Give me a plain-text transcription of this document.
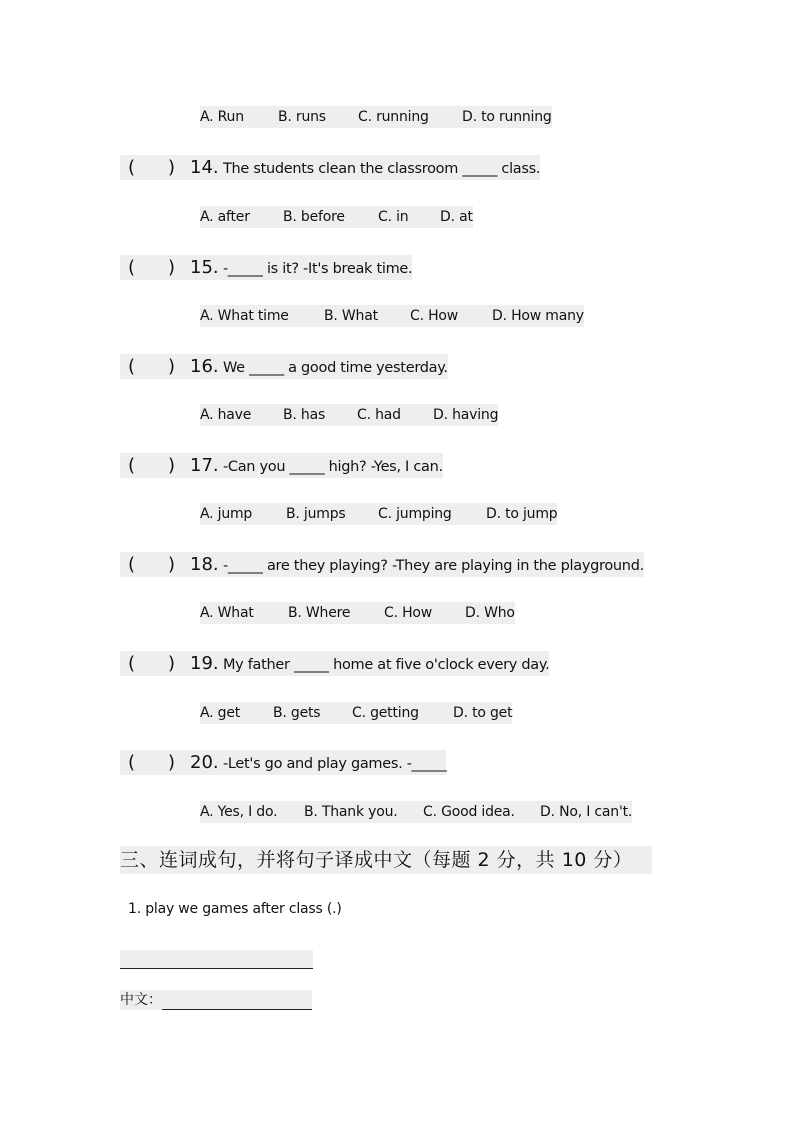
A. Run B. runs C. running D. to running
( ) 14. The students clean the classroom _____ class.
A. after B. before C. in D. at
( ) 15. -_____ is it? -It's break time.
A. What time	B. What C. How D. How many
( ) 16. We _____ a good time yesterday.
A. have B. has C. had D. having
( ) 17. -Can you _____ high? -Yes, I can.
A. jump B. jumps C. jumping D. to jump
( ) 18. -_____ are they playing? -They are playing in the playground.
A. What B. Where C. How D. Who
( ) 19. My father _____ home at five o'clock every day.
A. get B. gets C. getting D. to get
( ) 20. -Let's go and play games. -_____
A. Yes, I do. B. Thank you. C. Good idea. D. No, I can't.
三、连词成句，并将句子译成中文（每题 2 分，共 10 分）
1. play we games after class (.)
中文：
